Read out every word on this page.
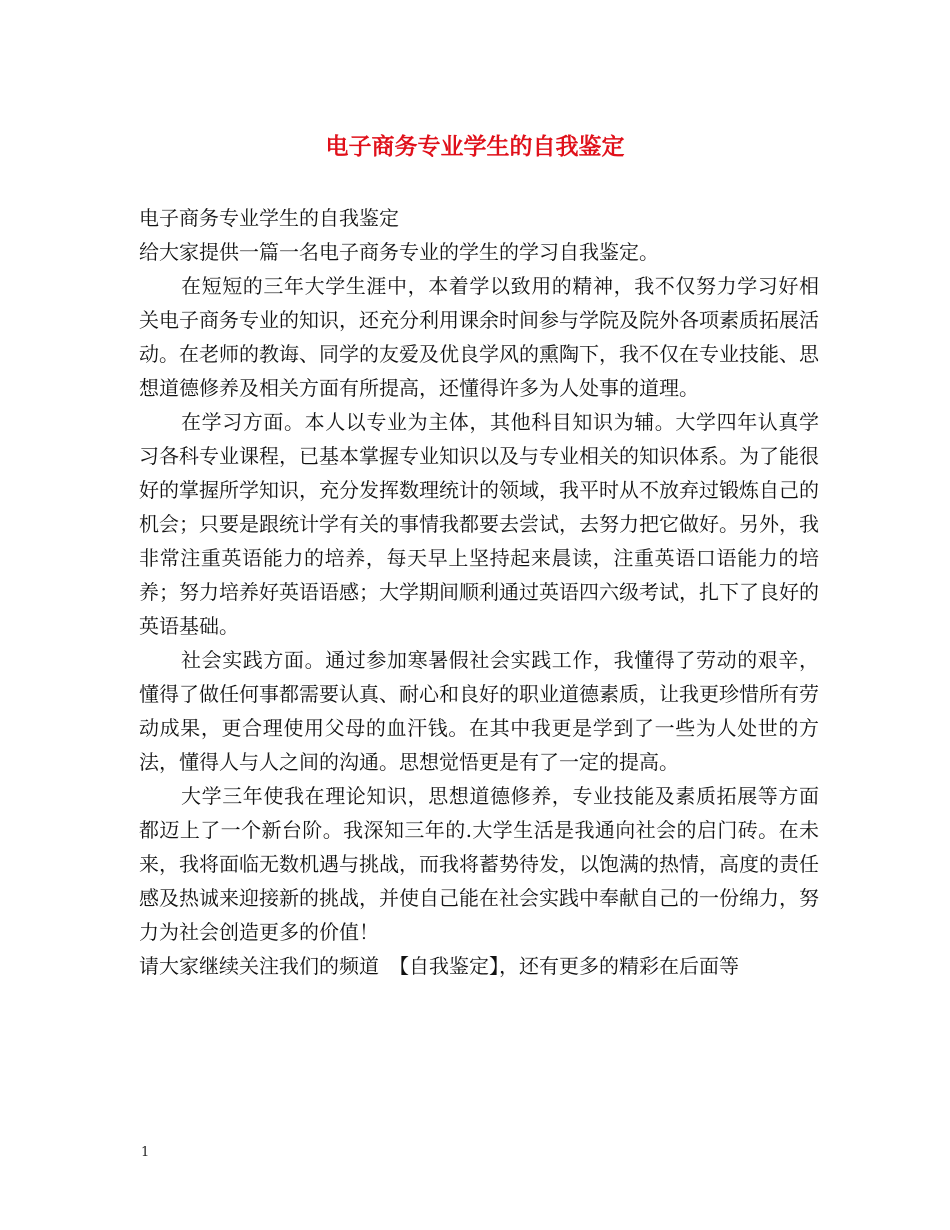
电子商务专业学生的自我鉴定

电子商务专业学生的自我鉴定

给大家提供一篇一名电子商务专业的学生的学习自我鉴定。

在短短的三年大学生涯中，本着学以致用的精神，我不仅努力学习好相关电子商务专业的知识，还充分利用课余时间参与学院及院外各项素质拓展活动。在老师的教诲、同学的友爱及优良学风的熏陶下，我不仅在专业技能、思想道德修养及相关方面有所提高，还懂得许多为人处事的道理。

在学习方面。本人以专业为主体，其他科目知识为辅。大学四年认真学习各科专业课程，已基本掌握专业知识以及与专业相关的知识体系。为了能很好的掌握所学知识，充分发挥数理统计的领域，我平时从不放弃过锻炼自己的机会；只要是跟统计学有关的事情我都要去尝试，去努力把它做好。另外，我非常注重英语能力的培养，每天早上坚持起来晨读，注重英语口语能力的培养；努力培养好英语语感；大学期间顺利通过英语四六级考试，扎下了良好的英语基础。

社会实践方面。通过参加寒暑假社会实践工作，我懂得了劳动的艰辛，懂得了做任何事都需要认真、耐心和良好的职业道德素质，让我更珍惜所有劳动成果，更合理使用父母的血汗钱。在其中我更是学到了一些为人处世的方法，懂得人与人之间的沟通。思想觉悟更是有了一定的提高。

大学三年使我在理论知识，思想道德修养，专业技能及素质拓展等方面都迈上了一个新台阶。我深知三年的.大学生活是我通向社会的启门砖。在未来，我将面临无数机遇与挑战，而我将蓄势待发，以饱满的热情，高度的责任感及热诚来迎接新的挑战，并使自己能在社会实践中奉献自己的一份绵力，努力为社会创造更多的价值！

请大家继续关注我们的频道　【自我鉴定】，还有更多的精彩在后面等

1
